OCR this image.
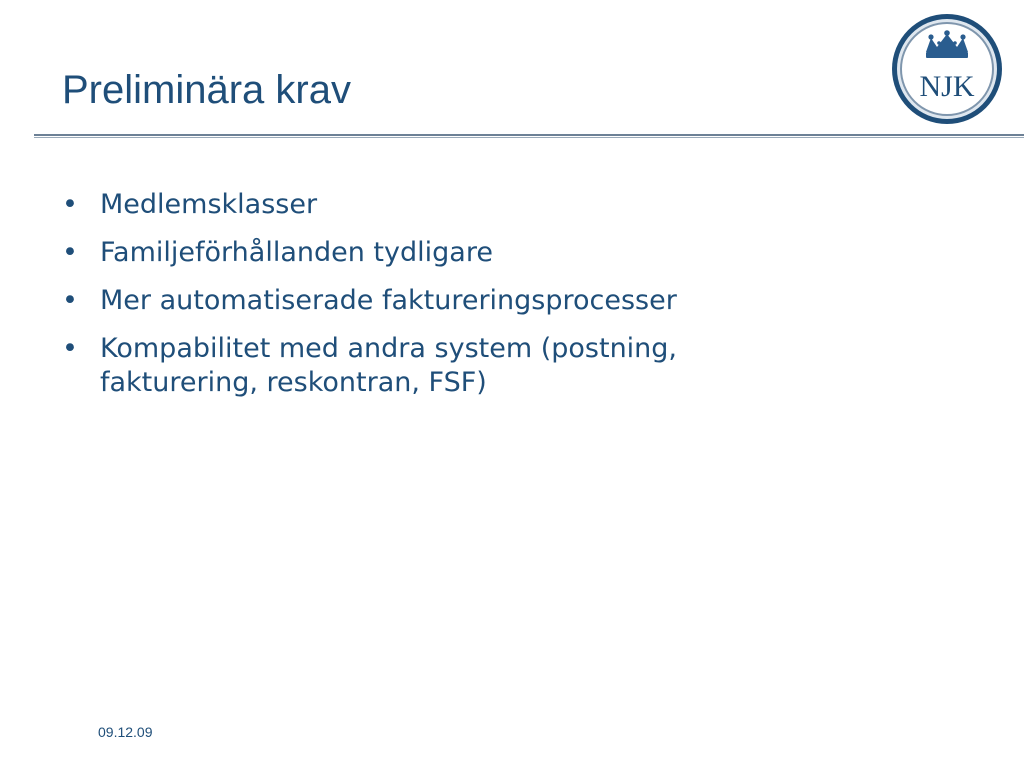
Preliminära krav	NJK
• Medlemsklasser
• Familjeförhållanden tydligare
• Mer automatiserade faktureringsprocesser
• Kompabilitet med andra system (postning, fakturering, reskontran, FSF)
09.12.09
